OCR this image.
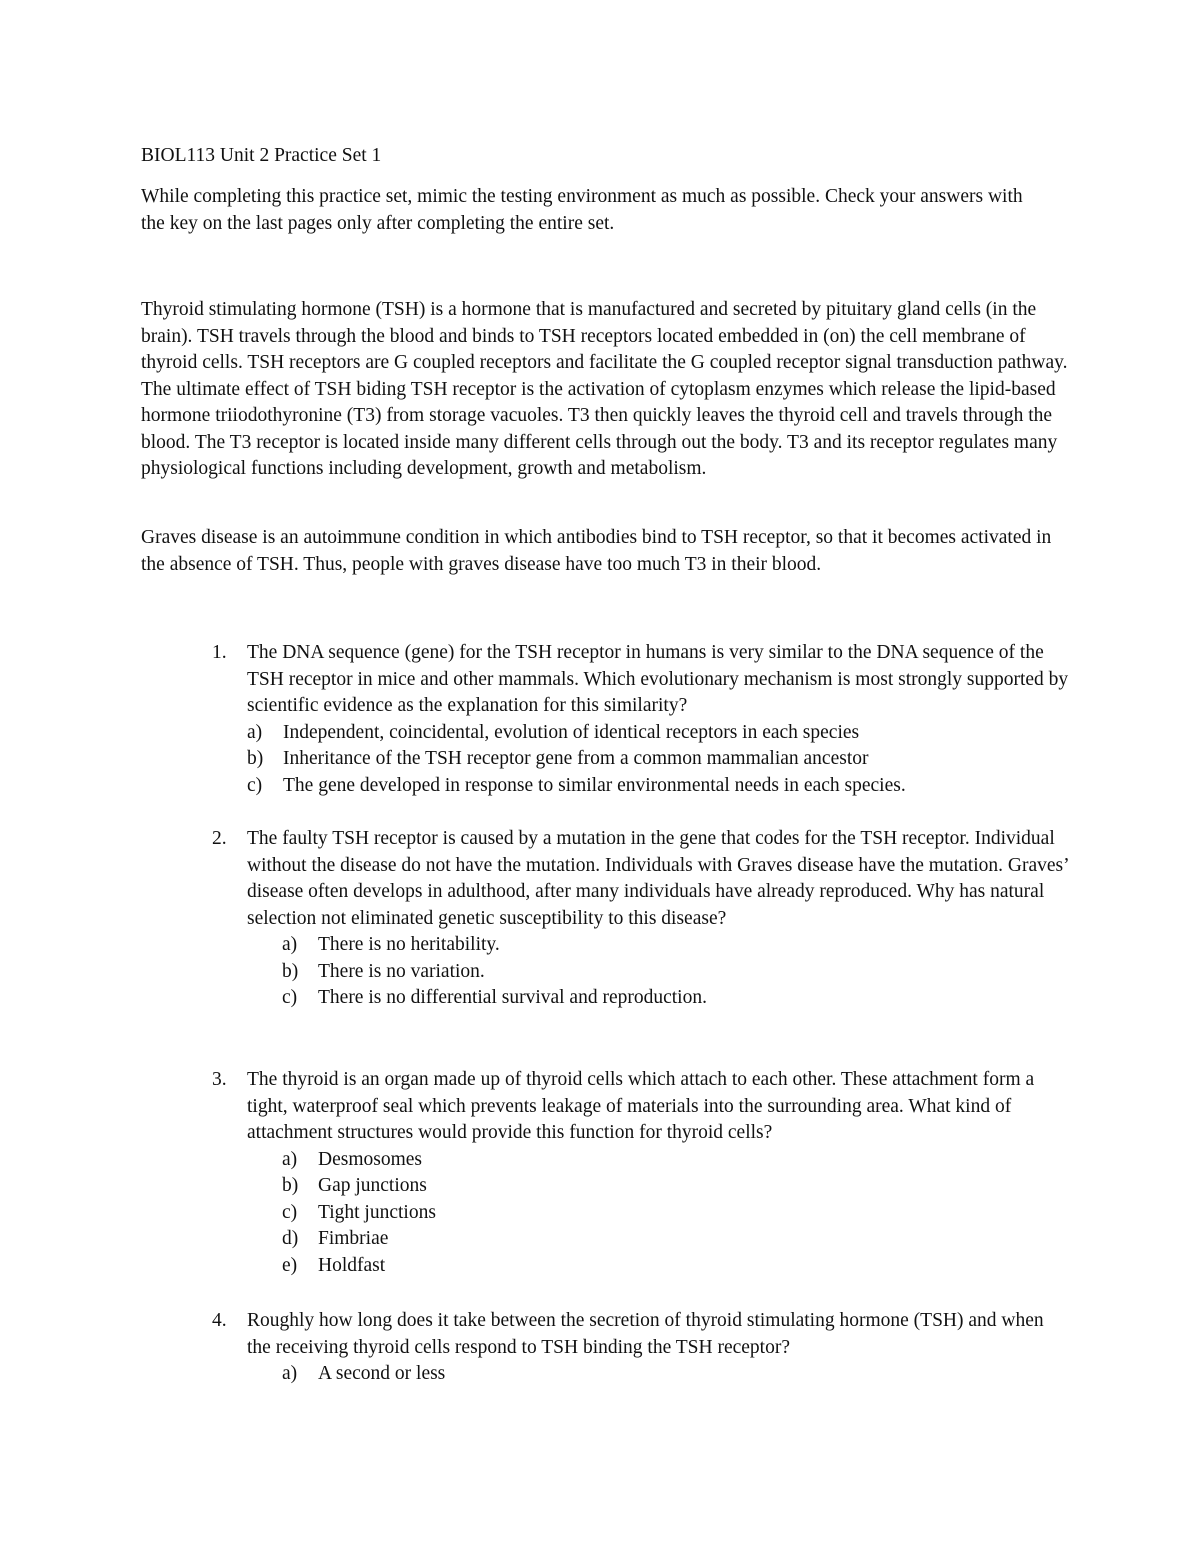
BIOL113 Unit 2 Practice Set 1

While completing this practice set, mimic the testing environment as much as possible. Check your answers with the key on the last pages only after completing the entire set.

Thyroid stimulating hormone (TSH) is a hormone that is manufactured and secreted by pituitary gland cells (in the brain). TSH travels through the blood and binds to TSH receptors located embedded in (on) the cell membrane of thyroid cells. TSH receptors are G coupled receptors and facilitate the G coupled receptor signal transduction pathway. The ultimate effect of TSH biding TSH receptor is the activation of cytoplasm enzymes which release the lipid-based hormone triiodothyronine (T3) from storage vacuoles. T3 then quickly leaves the thyroid cell and travels through the blood. The T3 receptor is located inside many different cells through out the body. T3 and its receptor regulates many physiological functions including development, growth and metabolism.

Graves disease is an autoimmune condition in which antibodies bind to TSH receptor, so that it becomes activated in the absence of TSH. Thus, people with graves disease have too much T3 in their blood.

1.	The DNA sequence (gene) for the TSH receptor in humans is very similar to the DNA sequence of the TSH receptor in mice and other mammals. Which evolutionary mechanism is most strongly supported by scientific evidence as the explanation for this similarity?

a) Independent, coincidental, evolution of identical receptors in each species
b) Inheritance of the TSH receptor gene from a common mammalian ancestor
c) The gene developed in response to similar environmental needs in each species.
2.	The faulty TSH receptor is caused by a mutation in the gene that codes for the TSH receptor. Individual without the disease do not have the mutation. Individuals with Graves disease have the mutation. Graves’ disease often develops in adulthood, after many individuals have already reproduced. Why has natural selection not eliminated genetic susceptibility to this disease?

a) There is no heritability.
b) There is no variation.
c) There is no differential survival and reproduction.
3.	The thyroid is an organ made up of thyroid cells which attach to each other. These attachment form a tight, waterproof seal which prevents leakage of materials into the surrounding area. What kind of attachment structures would provide this function for thyroid cells?

a) Desmosomes
b) Gap junctions
c) Tight junctions
d) Fimbriae
e) Holdfast
4.	Roughly how long does it take between the secretion of thyroid stimulating hormone (TSH) and when the receiving thyroid cells respond to TSH binding the TSH receptor?

a) A second or less
